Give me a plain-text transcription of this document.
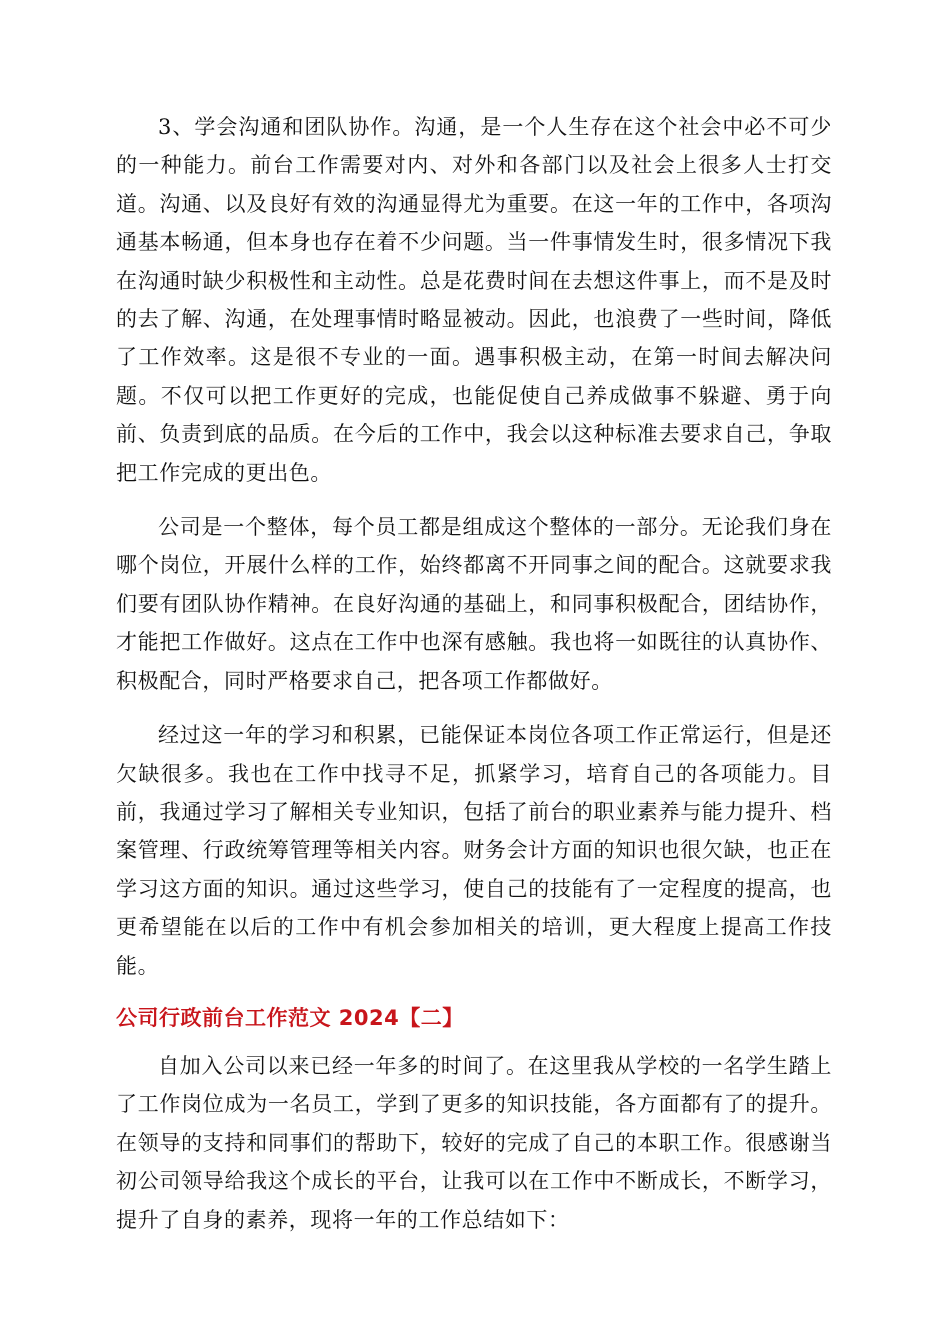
3、学会沟通和团队协作。沟通，是一个人生存在这个社会中必不可少的一种能力。前台工作需要对内、对外和各部门以及社会上很多人士打交道。沟通、以及良好有效的沟通显得尤为重要。在这一年的工作中，各项沟通基本畅通，但本身也存在着不少问题。当一件事情发生时，很多情况下我在沟通时缺少积极性和主动性。总是花费时间在去想这件事上，而不是及时的去了解、沟通，在处理事情时略显被动。因此，也浪费了一些时间，降低了工作效率。这是很不专业的一面。遇事积极主动，在第一时间去解决问题。不仅可以把工作更好的完成，也能促使自己养成做事不躲避、勇于向前、负责到底的品质。在今后的工作中，我会以这种标准去要求自己，争取把工作完成的更出色。

公司是一个整体，每个员工都是组成这个整体的一部分。无论我们身在哪个岗位，开展什么样的工作，始终都离不开同事之间的配合。这就要求我们要有团队协作精神。在良好沟通的基础上，和同事积极配合，团结协作，才能把工作做好。这点在工作中也深有感触。我也将一如既往的认真协作、积极配合，同时严格要求自己，把各项工作都做好。

经过这一年的学习和积累，已能保证本岗位各项工作正常运行，但是还欠缺很多。我也在工作中找寻不足，抓紧学习，培育自己的各项能力。目前，我通过学习了解相关专业知识，包括了前台的职业素养与能力提升、档案管理、行政统筹管理等相关内容。财务会计方面的知识也很欠缺，也正在学习这方面的知识。通过这些学习，使自己的技能有了一定程度的提高，也更希望能在以后的工作中有机会参加相关的培训，更大程度上提高工作技能。

公司行政前台工作范文 2024【二】

自加入公司以来已经一年多的时间了。在这里我从学校的一名学生踏上了工作岗位成为一名员工，学到了更多的知识技能，各方面都有了的提升。在领导的支持和同事们的帮助下，较好的完成了自己的本职工作。很感谢当初公司领导给我这个成长的平台，让我可以在工作中不断成长，不断学习，提升了自身的素养，现将一年的工作总结如下：
